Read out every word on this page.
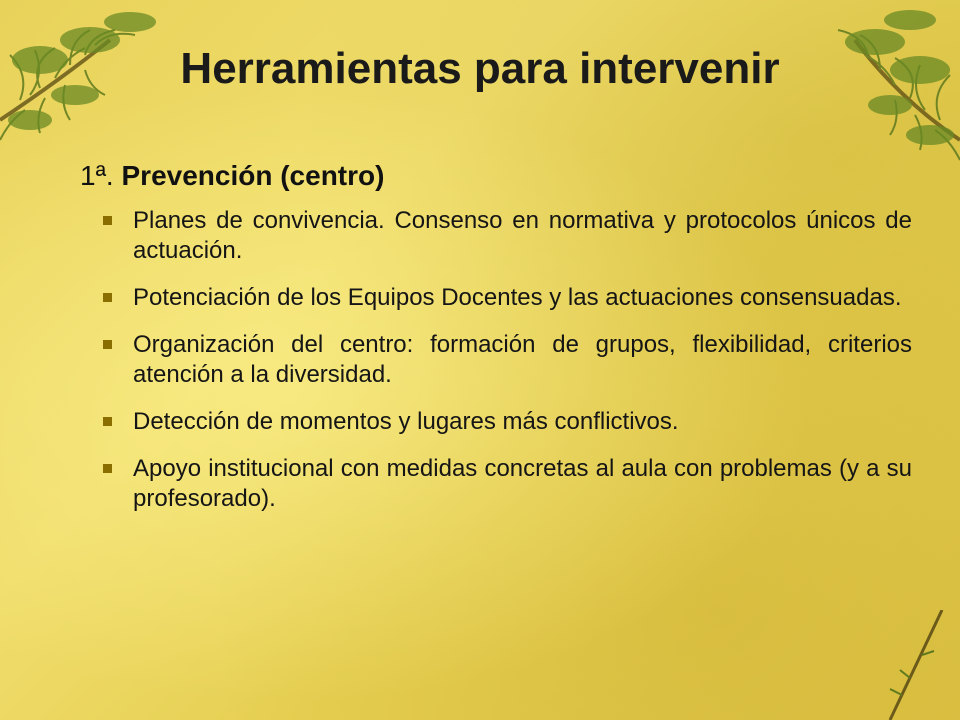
Herramientas para intervenir
1ª. Prevención (centro)
Planes de convivencia. Consenso en normativa y protocolos únicos de actuación.
Potenciación de los Equipos Docentes y las actuaciones consensuadas.
Organización del centro: formación de grupos, flexibilidad, criterios atención a la diversidad.
Detección de momentos y lugares más conflictivos.
Apoyo institucional con medidas concretas al aula con problemas (y a su profesorado).
